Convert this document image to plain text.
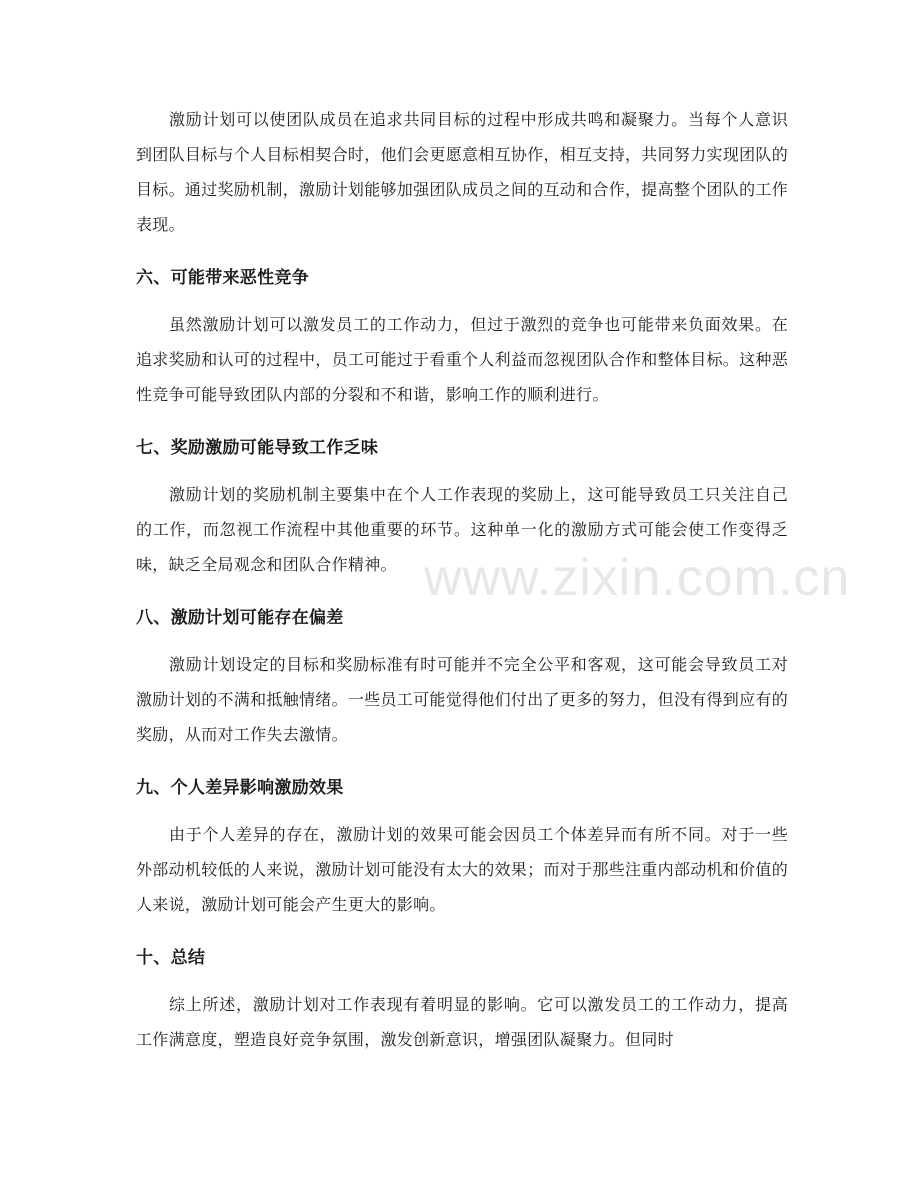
激励计划可以使团队成员在追求共同目标的过程中形成共鸣和凝聚力。当每个人意识到团队目标与个人目标相契合时，他们会更愿意相互协作，相互支持，共同努力实现团队的目标。通过奖励机制，激励计划能够加强团队成员之间的互动和合作，提高整个团队的工作表现。

六、可能带来恶性竞争

虽然激励计划可以激发员工的工作动力，但过于激烈的竞争也可能带来负面效果。在追求奖励和认可的过程中，员工可能过于看重个人利益而忽视团队合作和整体目标。这种恶性竞争可能导致团队内部的分裂和不和谐，影响工作的顺利进行。

七、奖励激励可能导致工作乏味

激励计划的奖励机制主要集中在个人工作表现的奖励上，这可能导致员工只关注自己的工作，而忽视工作流程中其他重要的环节。这种单一化的激励方式可能会使工作变得乏味，缺乏全局观念和团队合作精神。

八、激励计划可能存在偏差

激励计划设定的目标和奖励标准有时可能并不完全公平和客观，这可能会导致员工对激励计划的不满和抵触情绪。一些员工可能觉得他们付出了更多的努力，但没有得到应有的奖励，从而对工作失去激情。

九、个人差异影响激励效果

由于个人差异的存在，激励计划的效果可能会因员工个体差异而有所不同。对于一些外部动机较低的人来说，激励计划可能没有太大的效果；而对于那些注重内部动机和价值的人来说，激励计划可能会产生更大的影响。

十、总结

综上所述，激励计划对工作表现有着明显的影响。它可以激发员工的工作动力，提高工作满意度，塑造良好竞争氛围，激发创新意识，增强团队凝聚力。但同时

www.zixin.com.cn
